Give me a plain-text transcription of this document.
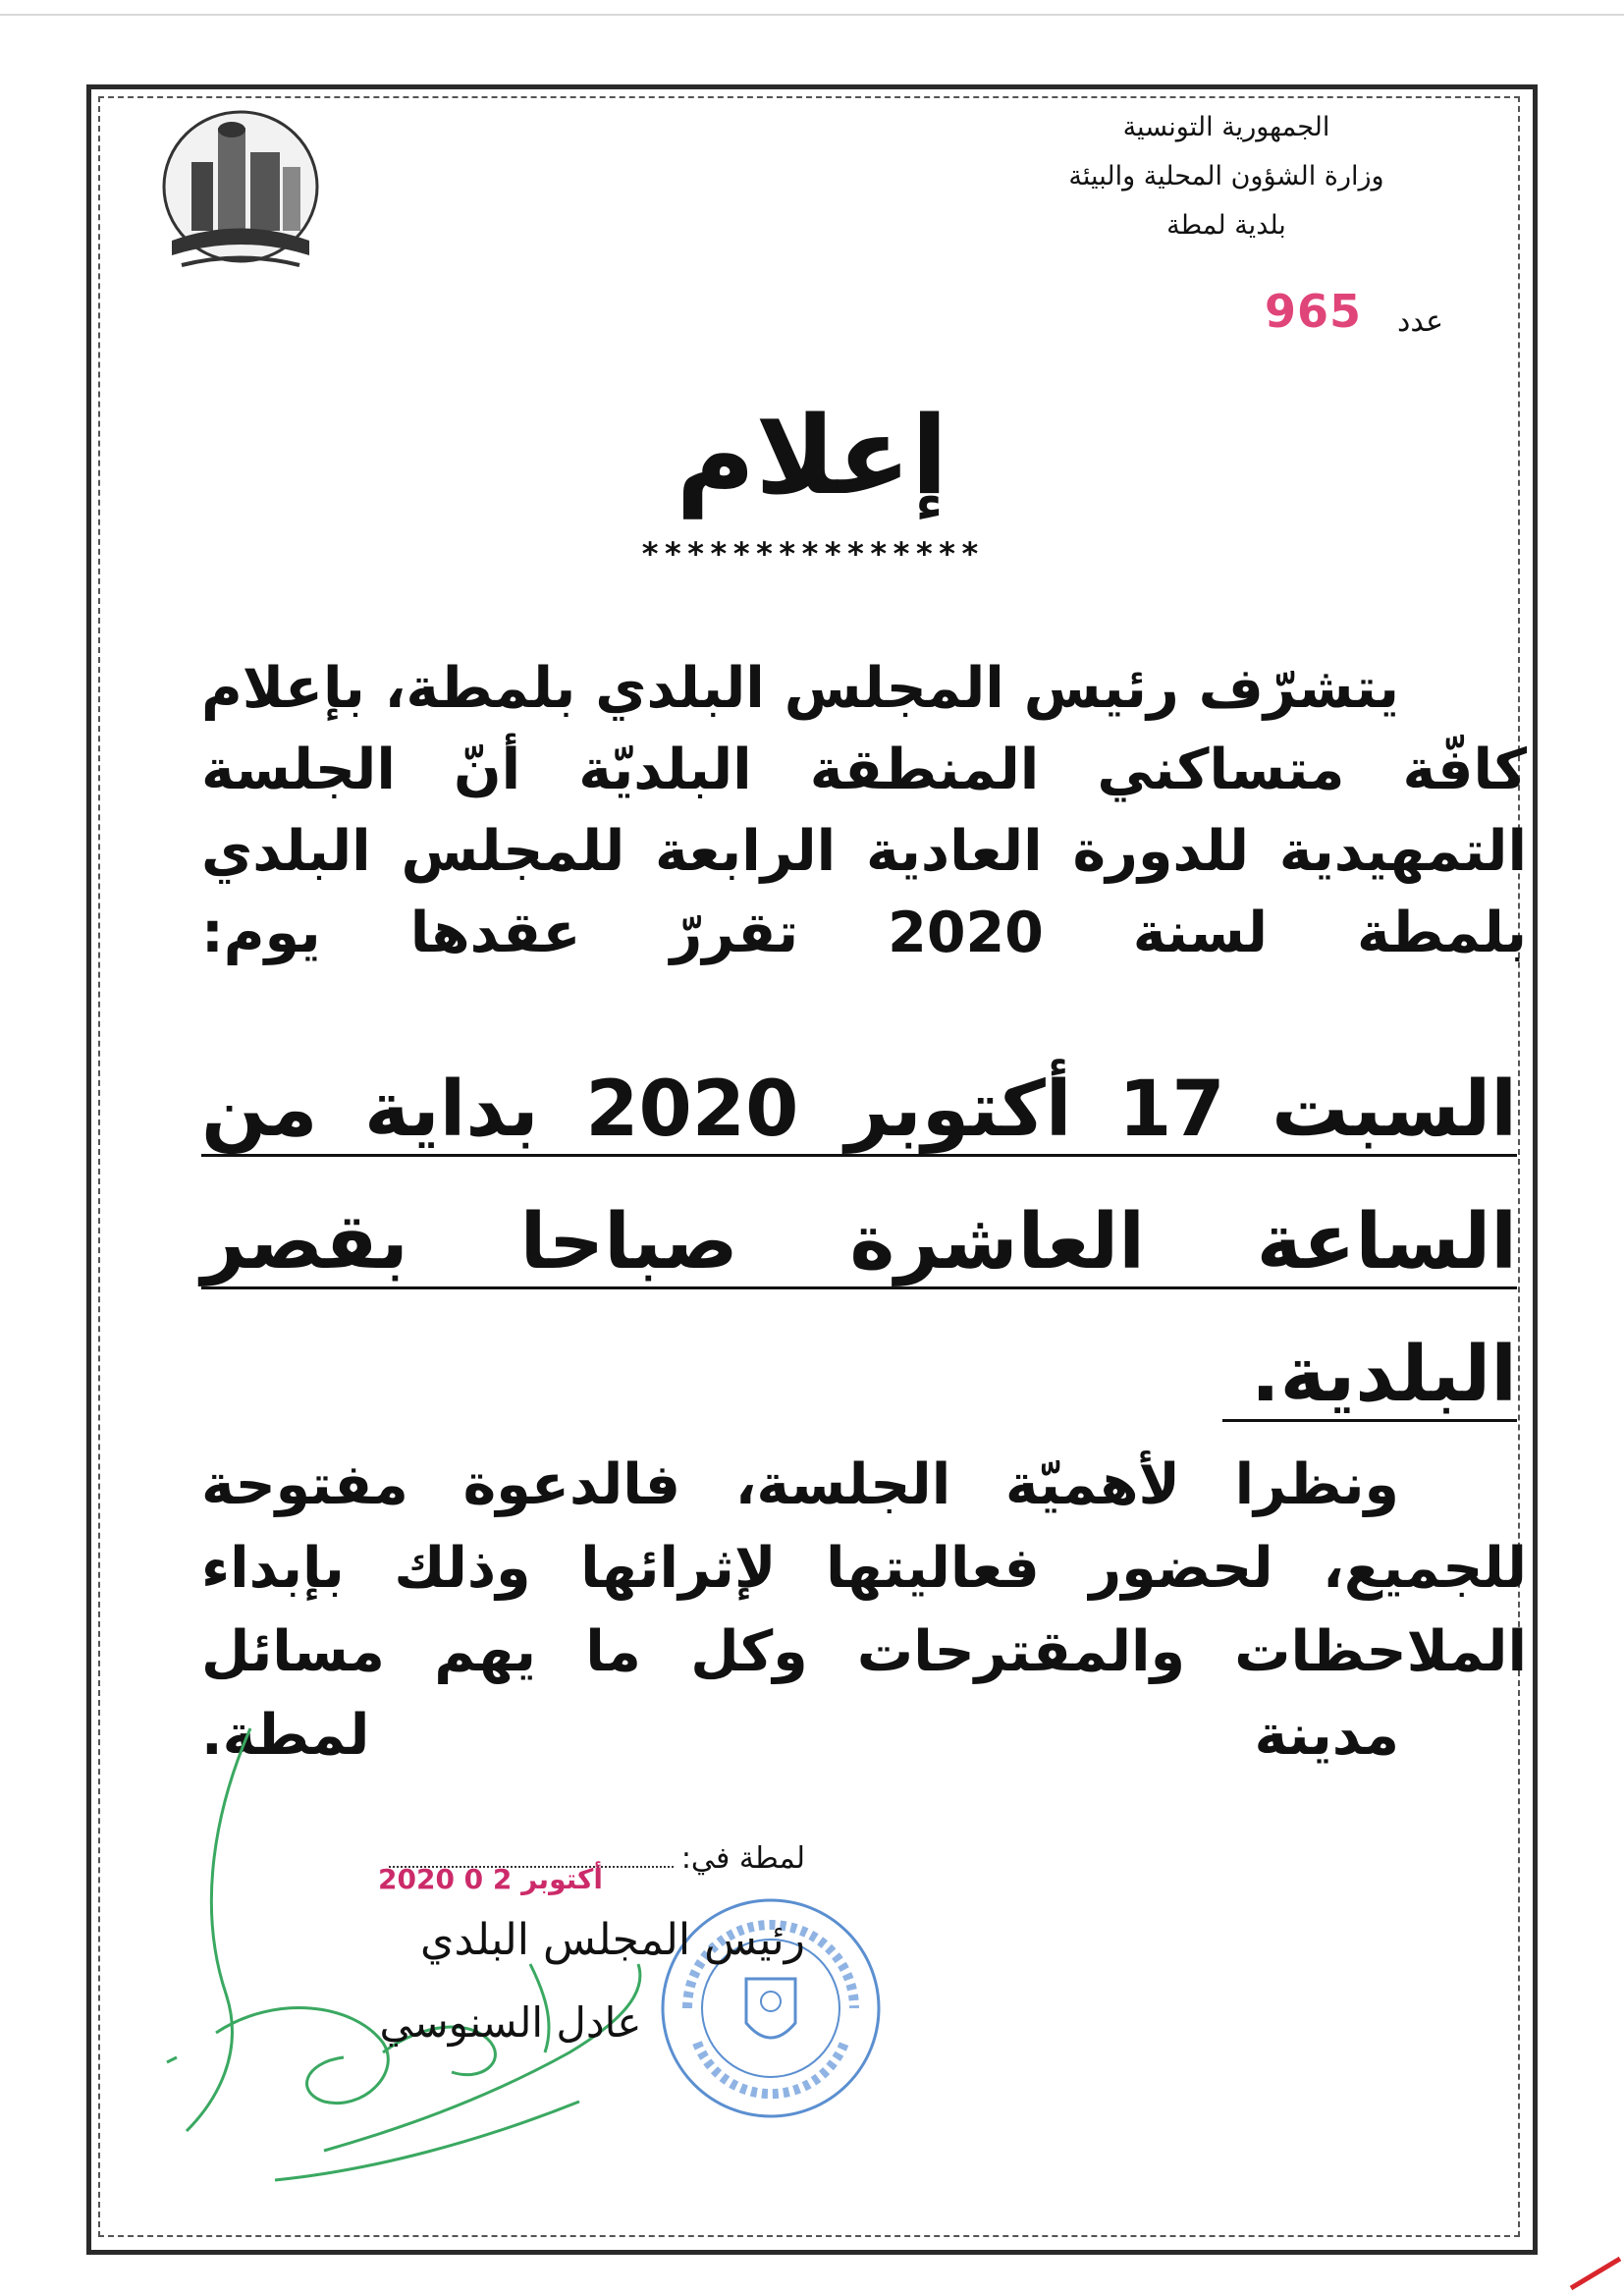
الجمهورية التونسية
وزارة الشؤون المحلية والبيئة
بلدية لمطة
عدد
965
إعلام
***************
يتشرّف رئيس المجلس البلدي بلمطة، بإعلام كافّة متساكني المنطقة البلديّة أنّ الجلسة التمهيدية للدورة العادية الرابعة للمجلس البلدي بلمطة لسنة 2020 تقررّ عقدها يوم:
السبت 17 أكتوبر 2020 بداية من
الساعة العاشرة صباحا بقصر
البلدية.
ونظرا لأهميّة الجلسة، فالدعوة مفتوحة للجميع، لحضور فعاليتها لإثرائها وذلك بإبداء الملاحظات والمقترحات وكل ما يهم مسائل
مدينة لمطة.
لمطة في:
2020 0 2 أكتوبر
رئيس المجلس البلدي
عادل السنوسي
